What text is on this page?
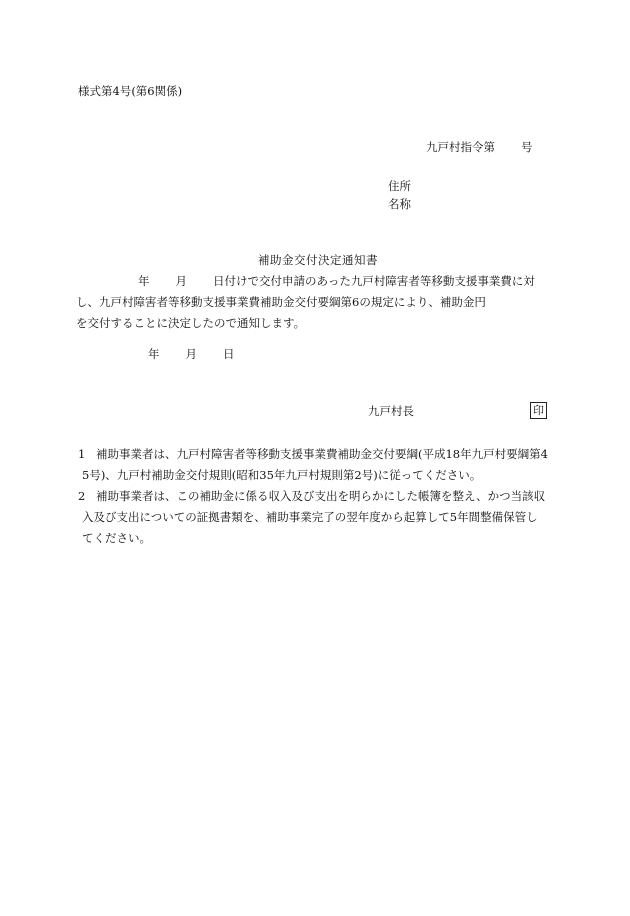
様式第4号(第6関係)
九戸村指令第 号
住所
名称
補助金交付決定通知書
年 月 日付けで交付申請のあった九戸村障害者等移動支援事業費に対
し、九戸村障害者等移動支援事業費補助金交付要綱第6の規定により、補助金円
を交付することに決定したので通知します。
年 月 日
九戸村長	印
1 補助事業者は、九戸村障害者等移動支援事業費補助金交付要綱(平成18年九戸村要綱第4
5号)、九戸村補助金交付規則(昭和35年九戸村規則第2号)に従ってください。
2 補助事業者は、この補助金に係る収入及び支出を明らかにした帳簿を整え、かつ当該収
入及び支出についての証拠書類を、補助事業完了の翌年度から起算して5年間整備保管し
てください。
